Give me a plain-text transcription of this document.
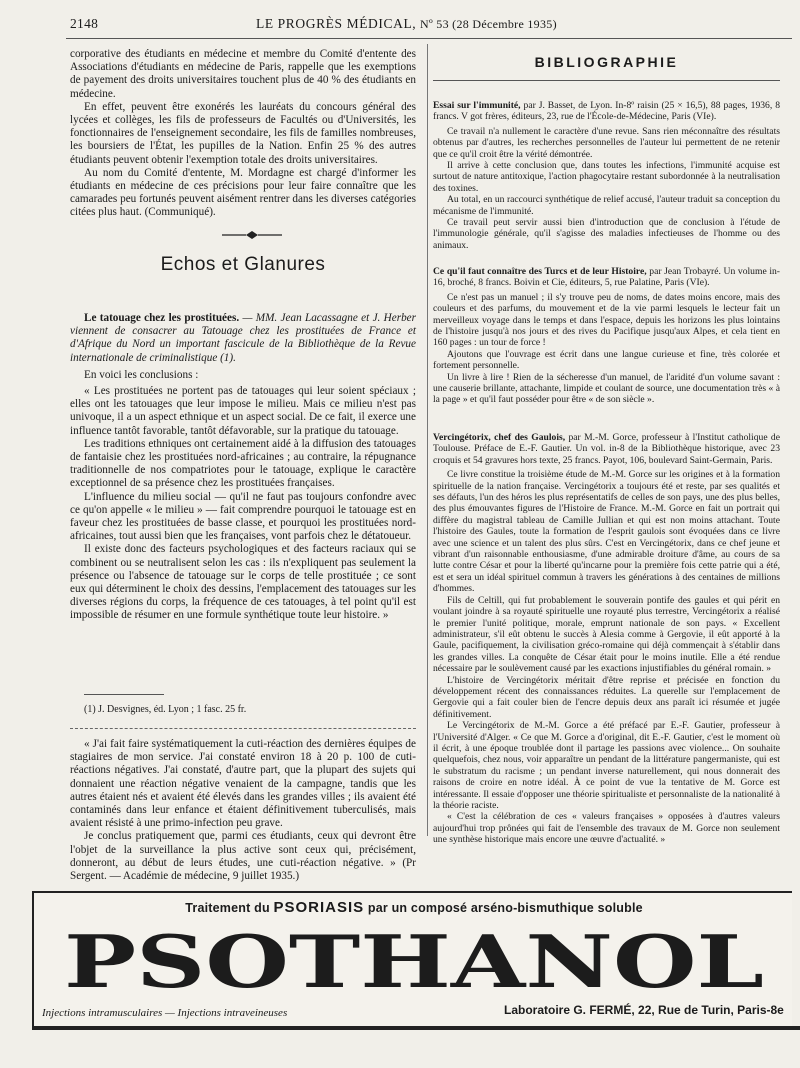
2148	LE PROGRÈS MÉDICAL, Nº 53 (28 Décembre 1935)

corporative des étudiants en médecine et membre du Comité d'entente des Associations d'étudiants en médecine de Paris, rappelle que les exemptions de payement des droits universitaires touchent plus de 40 % des étudiants en médecine.

En effet, peuvent être exonérés les lauréats du concours général des lycées et collèges, les fils de professeurs de Facultés ou d'Universités, les fonctionnaires de l'enseignement secondaire, les fils de familles nombreuses, les boursiers de l'État, les pupilles de la Nation. Enfin 25 % des autres étudiants peuvent obtenir l'exemption totale des droits universitaires.

Au nom du Comité d'entente, M. Mordagne est chargé d'informer les étudiants en médecine de ces précisions pour leur faire connaître que les camarades peu fortunés peuvent aisément rentrer dans les diverses catégories citées plus haut. (Communiqué).

Echos et Glanures

Le tatouage chez les prostituées. — MM. Jean Lacassagne et J. Herber viennent de consacrer au Tatouage chez les prostituées de France et d'Afrique du Nord un important fascicule de la Bibliothèque de la Revue internationale de criminalistique (1).

En voici les conclusions :

« Les prostituées ne portent pas de tatouages qui leur soient spéciaux ; elles ont les tatouages que leur impose le milieu. Mais ce milieu n'est pas univoque, il a un aspect ethnique et un aspect social. De ce fait, il exerce une influence tantôt favorable, tantôt défavorable, sur la pratique du tatouage.

Les traditions ethniques ont certainement aidé à la diffusion des tatouages de fantaisie chez les prostituées nord-africaines ; au contraire, la répugnance traditionnelle de nos compatriotes pour le tatouage, explique le caractère exceptionnel de sa présence chez les prostituées françaises.

L'influence du milieu social — qu'il ne faut pas toujours confondre avec ce qu'on appelle « le milieu » — fait comprendre pourquoi le tatouage est en faveur chez les prostituées de basse classe, et pourquoi les prostituées nord-africaines, tout aussi bien que les françaises, vont parfois chez le détatoueur.

Il existe donc des facteurs psychologiques et des facteurs raciaux qui se combinent ou se neutralisent selon les cas : ils n'expliquent pas seulement la présence ou l'absence de tatouage sur le corps de telle prostituée ; ce sont eux qui déterminent le choix des dessins, l'emplacement des tatouages sur les diverses régions du corps, la fréquence de ces tatouages, à tel point qu'il est impossible de résumer en une formule synthétique toute leur histoire. »

(1) J. Desvignes, éd. Lyon ; 1 fasc. 25 fr.

« J'ai fait faire systématiquement la cuti-réaction des dernières équipes de stagiaires de mon service. J'ai constaté environ 18 à 20 p. 100 de cuti-réactions négatives. J'ai constaté, d'autre part, que la plupart des sujets qui donnaient une réaction négative venaient de la campagne, tandis que les autres étaient nés et avaient été élevés dans les grandes villes ; ils avaient été contaminés dans leur enfance et étaient définitivement tuberculisés, mais avaient résisté à une primo-infection peu grave.

Je conclus pratiquement que, parmi ces étudiants, ceux qui devront être l'objet de la surveillance la plus active sont ceux qui, précisément, donneront, au début de leurs études, une cuti-réaction négative. » (Pr Sergent. — Académie de médecine, 9 juillet 1935.)

BIBLIOGRAPHIE

Essai sur l'immunité, par J. Basset, de Lyon. In-8º raisin (25 × 16,5), 88 pages, 1936, 8 francs. V got frères, éditeurs, 23, rue de l'École-de-Médecine, Paris (VIe).

Ce travail n'a nullement le caractère d'une revue. Sans rien méconnaître des résultats obtenus par d'autres, les recherches personnelles de l'auteur lui permettent de ne retenir que ce qu'il croit être la vérité démontrée.

Il arrive à cette conclusion que, dans toutes les infections, l'immunité acquise est surtout de nature antitoxique, l'action phagocytaire restant subordonnée à la neutralisation des toxines.

Au total, en un raccourci synthétique de relief accusé, l'auteur traduit sa conception du mécanisme de l'immunité.

Ce travail peut servir aussi bien d'introduction que de conclusion à l'étude de l'immunologie générale, qu'il s'agisse des maladies infectieuses de l'homme ou des animaux.

Ce qu'il faut connaître des Turcs et de leur Histoire, par Jean Trobayré. Un volume in-16, broché, 8 francs. Boivin et Cie, éditeurs, 5, rue Palatine, Paris (VIe).

Ce n'est pas un manuel ; il s'y trouve peu de noms, de dates moins encore, mais des couleurs et des parfums, du mouvement et de la vie parmi lesquels le lecteur fait un merveilleux voyage dans le temps et dans l'espace, depuis les horizons les plus lointains de l'histoire jusqu'à nos jours et des rives du Pacifique jusqu'aux Alpes, et cela tient en 160 pages : un tour de force !

Ajoutons que l'ouvrage est écrit dans une langue curieuse et fine, très colorée et fortement personnelle.

Un livre à lire ! Rien de la sécheresse d'un manuel, de l'aridité d'un volume savant : une causerie brillante, attachante, limpide et coulant de source, une documentation très « à la page » et qu'il faut posséder pour être « de son siècle ».

Vercingétorix, chef des Gaulois, par M.-M. Gorce, professeur à l'Institut catholique de Toulouse. Préface de E.-F. Gautier. Un vol. in-8 de la Bibliothèque historique, avec 23 croquis et 54 gravures hors texte, 25 francs. Payot, 106, boulevard Saint-Germain, Paris.

Ce livre constitue la troisième étude de M.-M. Gorce sur les origines et à la formation spirituelle de la nation française. Vercingétorix a toujours été et reste, par ses qualités et ses défauts, l'un des héros les plus représentatifs de celles de son pays, une des plus belles, des plus émouvantes figures de l'Histoire de France. M.-M. Gorce en fait un portrait qui diffère du magistral tableau de Camille Jullian et qui est non moins attachant. Toute l'histoire des Gaules, toute la formation de l'esprit gaulois sont évoquées dans ce livre avec une science et un talent des plus sûrs. C'est en Vercingétorix, dans ce chef jeune et vibrant d'un raisonnable enthousiasme, d'une admirable droiture d'âme, au cours de sa lutte contre César et pour la liberté qu'incarne pour la première fois cette patrie qui a été, est et sera un idéal spirituel commun à travers les générations à des centaines de millions d'hommes.

Fils de Celtill, qui fut probablement le souverain pontife des gaules et qui périt en voulant joindre à sa royauté spirituelle une royauté plus terrestre, Vercingétorix a réalisé le premier l'unité politique, morale, emprunt nationale de son pays. « Excellent administrateur, s'il eût obtenu le succès à Alesia comme à Gergovie, il eût apporté à la Gaule, pacifiquement, la civilisation gréco-romaine qui déjà commençait à s'établir dans les grandes villes. La conquête de César était pour le moins inutile. Elle a été rendue nécessaire par le soulèvement causé par les exactions injustifiables du général romain. »

L'histoire de Vercingétorix méritait d'être reprise et précisée en fonction du développement récent des connaissances réduites. La querelle sur l'emplacement de Gergovie qui a fait couler bien de l'encre depuis deux ans paraît ici résumée et jugée définitivement.

Le Vercingétorix de M.-M. Gorce a été préfacé par E.-F. Gautier, professeur à l'Université d'Alger. « Ce que M. Gorce a d'original, dit E.-F. Gautier, c'est le moment où il écrit, à une époque troublée dont il partage les passions avec violence... On souhaite quelquefois, chez nous, voir apparaître un pendant de la littérature pangermaniste, qui est le substratum du racisme ; un pendant inverse naturellement, qui nous donnerait des raisons de croire en notre idéal. À ce point de vue la tentative de M. Gorce est intéressante. Il essaie d'opposer une théorie spiritualiste et personnaliste de la nationalité à la théorie raciste.

« C'est la célébration de ces « valeurs françaises » opposées à d'autres valeurs aujourd'hui trop prônées qui fait de l'ensemble des travaux de M. Gorce non seulement une synthèse historique mais encore une œuvre d'actualité. »

Traitement du PSORIASIS par un composé arséno-bismuthique soluble
PSOTHANOL
Injections intramusculaires — Injections intraveineuses	Laboratoire G. FERMÉ, 22, Rue de Turin, Paris-8e
